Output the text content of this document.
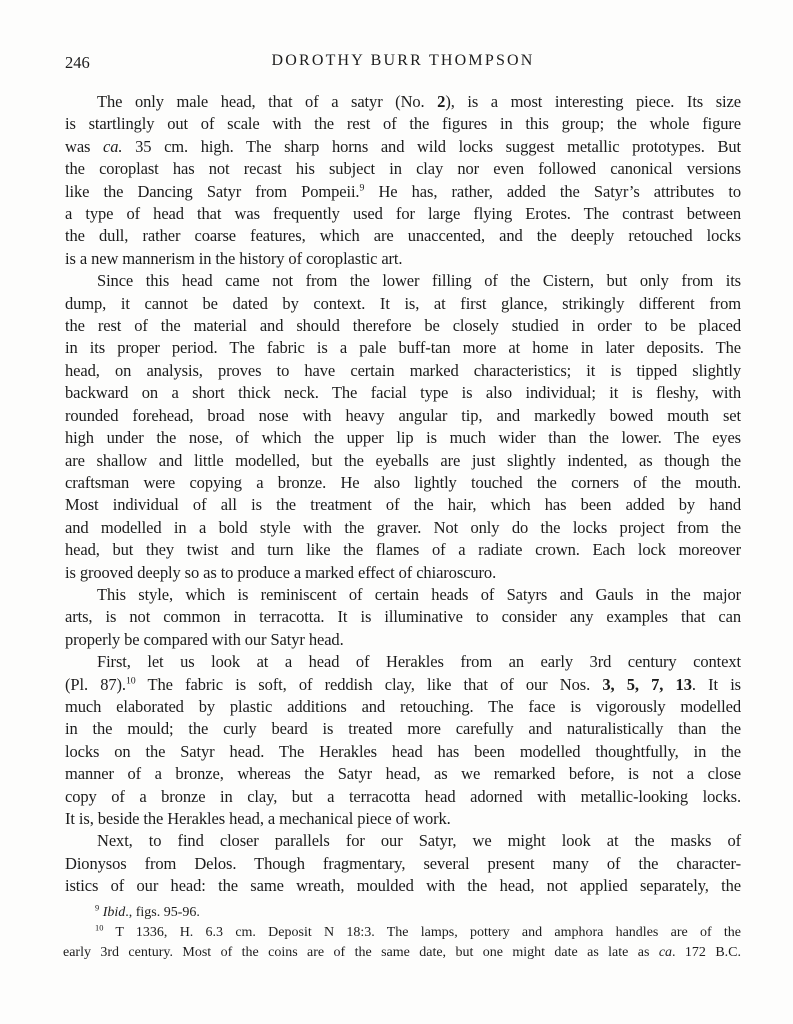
246	DOROTHY BURR THOMPSON
The only male head, that of a satyr (No. 2), is a most interesting piece. Its size
is startlingly out of scale with the rest of the figures in this group; the whole figure
was ca. 35 cm. high. The sharp horns and wild locks suggest metallic prototypes. But
the coroplast has not recast his subject in clay nor even followed canonical versions
like the Dancing Satyr from Pompeii.$^9$ He has, rather, added the Satyr’s attributes to
a type of head that was frequently used for large flying Erotes. The contrast between
the dull, rather coarse features, which are unaccented, and the deeply retouched locks
is a new mannerism in the history of coroplastic art.
Since this head came not from the lower filling of the Cistern, but only from its
dump, it cannot be dated by context. It is, at first glance, strikingly different from
the rest of the material and should therefore be closely studied in order to be placed
in its proper period. The fabric is a pale buff-tan more at home in later deposits. The
head, on analysis, proves to have certain marked characteristics; it is tipped slightly
backward on a short thick neck. The facial type is also individual; it is fleshy, with
rounded forehead, broad nose with heavy angular tip, and markedly bowed mouth set
high under the nose, of which the upper lip is much wider than the lower. The eyes
are shallow and little modelled, but the eyeballs are just slightly indented, as though the
craftsman were copying a bronze. He also lightly touched the corners of the mouth.
Most individual of all is the treatment of the hair, which has been added by hand
and modelled in a bold style with the graver. Not only do the locks project from the
head, but they twist and turn like the flames of a radiate crown. Each lock moreover
is grooved deeply so as to produce a marked effect of chiaroscuro.
This style, which is reminiscent of certain heads of Satyrs and Gauls in the major
arts, is not common in terracotta. It is illuminative to consider any examples that can
properly be compared with our Satyr head.
First, let us look at a head of Herakles from an early 3rd century context
(Pl. 87).$^{10}$ The fabric is soft, of reddish clay, like that of our Nos. 3, 5, 7, 13. It is
much elaborated by plastic additions and retouching. The face is vigorously modelled
in the mould; the curly beard is treated more carefully and naturalistically than the
locks on the Satyr head. The Herakles head has been modelled thoughtfully, in the
manner of a bronze, whereas the Satyr head, as we remarked before, is not a close
copy of a bronze in clay, but a terracotta head adorned with metallic-looking locks.
It is, beside the Herakles head, a mechanical piece of work.
Next, to find closer parallels for our Satyr, we might look at the masks of
Dionysos from Delos. Though fragmentary, several present many of the character-
istics of our head: the same wreath, moulded with the head, not applied separately, the
$^9$ Ibid., figs. 95-96.
$^{10}$ T 1336, H. 6.3 cm. Deposit N 18:3. The lamps, pottery and amphora handles are of the
early 3rd century. Most of the coins are of the same date, but one might date as late as ca. 172 B.C.
